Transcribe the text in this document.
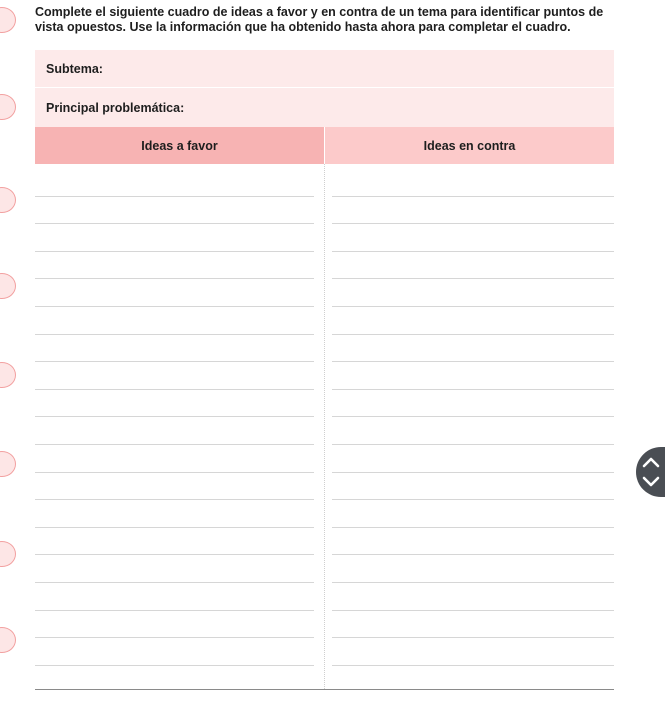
Complete el siguiente cuadro de ideas a favor y en contra de un tema para identificar puntos de vista opuestos. Use la información que ha obtenido hasta ahora para completar el cuadro.

Subtema:
Principal problemática:
Ideas a favor	Ideas en contra
